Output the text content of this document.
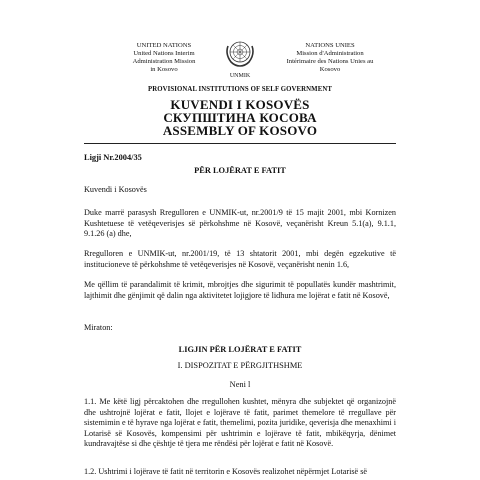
UNITED NATIONS
United Nations Interim
Administration Mission
in Kosovo
UNMIK
NATIONS UNIES
Mission d'Administration
Intérimaire des Nations Unies au
Kosovo
PROVISIONAL INSTITUTIONS OF SELF GOVERNMENT
KUVENDI I KOSOVËS
СКУПШТИНА КОСОВА
ASSEMBLY OF KOSOVO
Ligji Nr.2004/35
PËR LOJËRAT E FATIT
Kuvendi i Kosovës
Duke marrë parasysh Rregulloren e UNMIK-ut, nr.2001/9 të 15 majit 2001, mbi Kornizen Kushtetuese të vetëqeverisjes së përkohshme në Kosovë, veçanërisht Kreun 5.1(a), 9.1.1, 9.1.26 (a) dhe,
Rregulloren e UNMIK-ut, nr.2001/19, të 13 shtatorit 2001, mbi degën egzekutive të institucioneve të përkohshme të vetëqeverisjes në Kosovë, veçanërisht nenin 1.6,
Me qëllim të parandalimit të krimit, mbrojtjes dhe sigurimit të popullatës kundër mashtrimit, lajthimit dhe gënjimit që dalin nga aktivitetet lojigjore të lidhura me lojërat e fatit në Kosovë,
Miraton:
LIGJIN PËR LOJËRAT E FATIT
I. DISPOZITAT E PËRGJITHSHME
Neni l
1.1. Me këtë ligj përcaktohen dhe rregullohen kushtet, mënyra dhe subjektet që organizojnë dhe ushtrojnë lojërat e fatit, llojet e lojërave të fatit, parimet themelore të rregullave për sistemimin e të hyrave nga lojërat e fatit, themelimi, pozita juridike, qeverisja dhe menaxhimi i Lotarisë së Kosovës, kompensimi për ushtrimin e lojërave të fatit, mbikëqyrja, dënimet kundravajtëse si dhe çështje të tjera me rëndësi për lojërat e fatit në Kosovë.
1.2. Ushtrimi i lojërave të fatit në territorin e Kosovës realizohet nëpërmjet Lotarisë së
